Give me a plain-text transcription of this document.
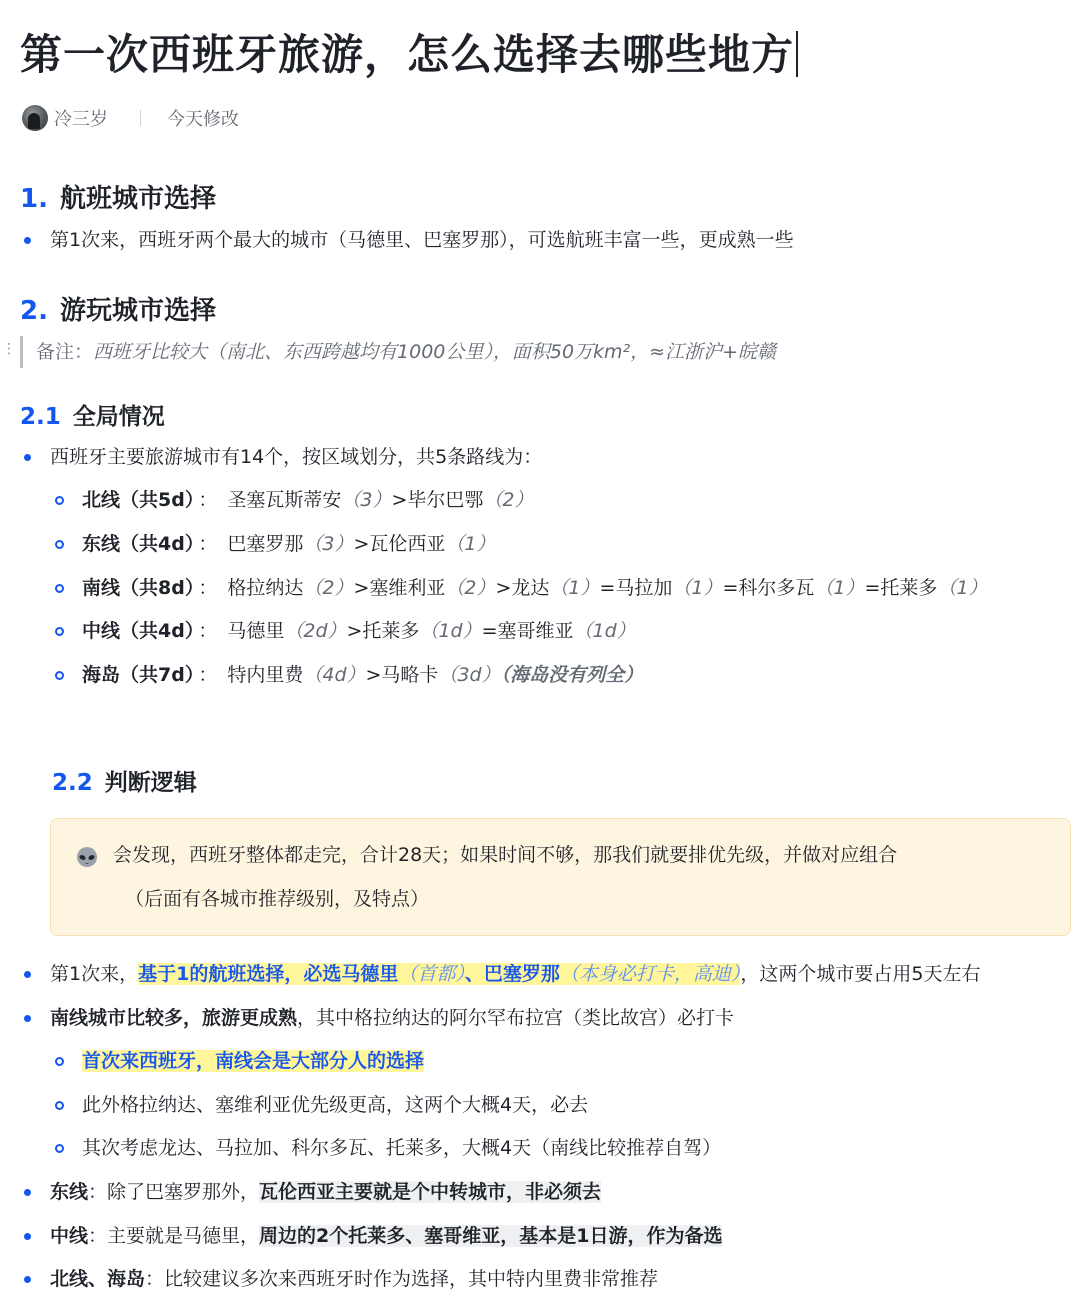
第一次西班牙旅游，怎么选择去哪些地方
冷三岁	今天修改
1. 航班城市选择
第1次来，西班牙两个最大的城市（马德里、巴塞罗那），可选航班丰富一些，更成熟一些
2. 游玩城市选择
⋮ 备注：西班牙比较大（南北、东西跨越均有1000公里），面积50万km²，≈江浙沪+皖赣
2.1 全局情况
西班牙主要旅游城市有14个，按区域划分，共5条路线为：
北线（共5d） ： 圣塞瓦斯蒂安（3）>毕尔巴鄂（2）
东线（共4d） ： 巴塞罗那（3）>瓦伦西亚（1）
南线（共8d） ： 格拉纳达（2）>塞维利亚（2）>龙达（1）=马拉加（1）=科尔多瓦（1）=托莱多（1）
中线（共4d） ： 马德里（2d）>托莱多（1d）=塞哥维亚（1d）
海岛（共7d） ： 特内里费（4d）>马略卡（3d）（海岛没有列全）
2.2 判断逻辑
会发现，西班牙整体都走完，合计28天；如果时间不够，那我们就要排优先级，并做对应组合
（后面有各城市推荐级别，及特点）
第1次来，基于1的航班选择，必选马德里（首都）、巴塞罗那（本身必打卡，高迪），这两个城市要占用5天左右
南线城市比较多，旅游更成熟，其中格拉纳达的阿尔罕布拉宫（类比故宫）必打卡
首次来西班牙，南线会是大部分人的选择
此外格拉纳达、塞维利亚优先级更高，这两个大概4天，必去
其次考虑龙达、马拉加、科尔多瓦、托莱多，大概4天（南线比较推荐自驾）
东线：除了巴塞罗那外，瓦伦西亚主要就是个中转城市，非必须去
中线：主要就是马德里，周边的2个托莱多、塞哥维亚，基本是1日游，作为备选
北线、海岛：比较建议多次来西班牙时作为选择，其中特内里费非常推荐
